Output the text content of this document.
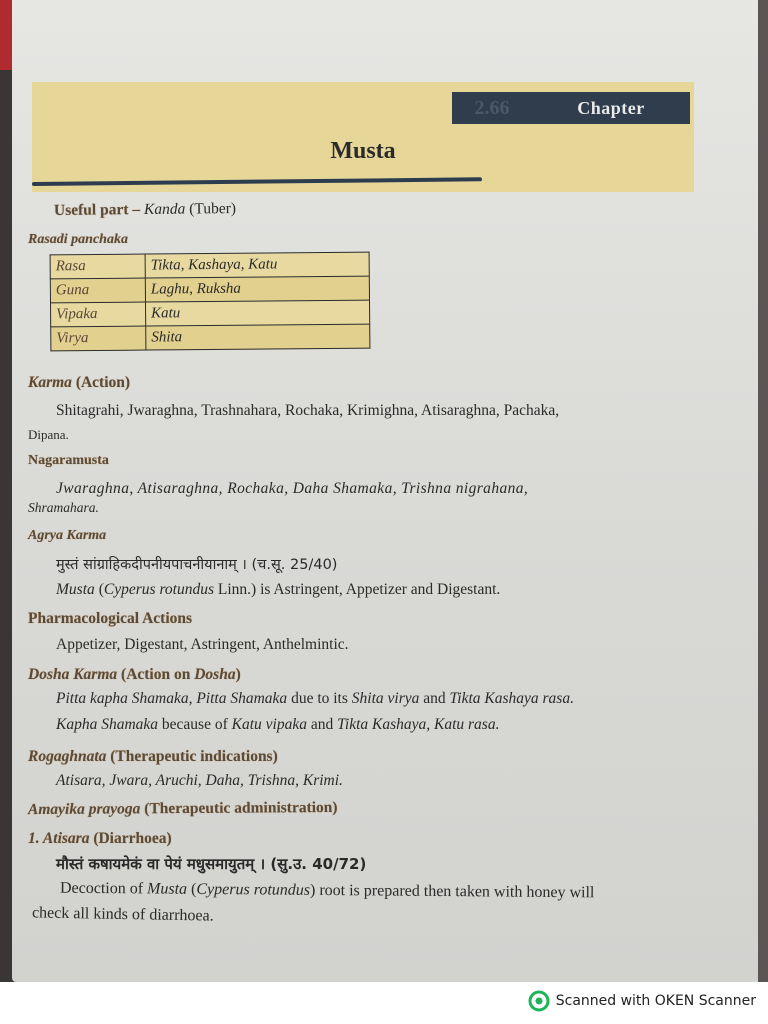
2.66	Chapter
Musta
Useful part – Kanda (Tuber)
Rasadi panchaka
Rasa	Tikta, Kashaya, Katu
Guna	Laghu, Ruksha
Vipaka	Katu
Virya	Shita
Karma (Action)
Shitagrahi, Jwaraghna, Trashnahara, Rochaka, Krimighna, Atisaraghna, Pachaka,
Dipana.
Nagaramusta
Jwaraghna, Atisaraghna, Rochaka, Daha Shamaka, Trishna nigrahana,
Shramahara.
Agrya Karma
मुस्तं सांग्राहिकदीपनीयपाचनीयानाम् । (च.सू. 25/40)
Musta (Cyperus rotundus Linn.) is Astringent, Appetizer and Digestant.
Pharmacological Actions
Appetizer, Digestant, Astringent, Anthelmintic.
Dosha Karma (Action on Dosha)
Pitta kapha Shamaka, Pitta Shamaka due to its Shita virya and Tikta Kashaya rasa.
Kapha Shamaka because of Katu vipaka and Tikta Kashaya, Katu rasa.
Rogaghnata (Therapeutic indications)
Atisara, Jwara, Aruchi, Daha, Trishna, Krimi.
Amayika prayoga (Therapeutic administration)
1. Atisara (Diarrhoea)
मौस्तं कषायमेकं वा पेयं मधुसमायुतम् । (सु.उ. 40/72)
Decoction of Musta (Cyperus rotundus) root is prepared then taken with honey will
check all kinds of diarrhoea.
Scanned with OKEN Scanner
